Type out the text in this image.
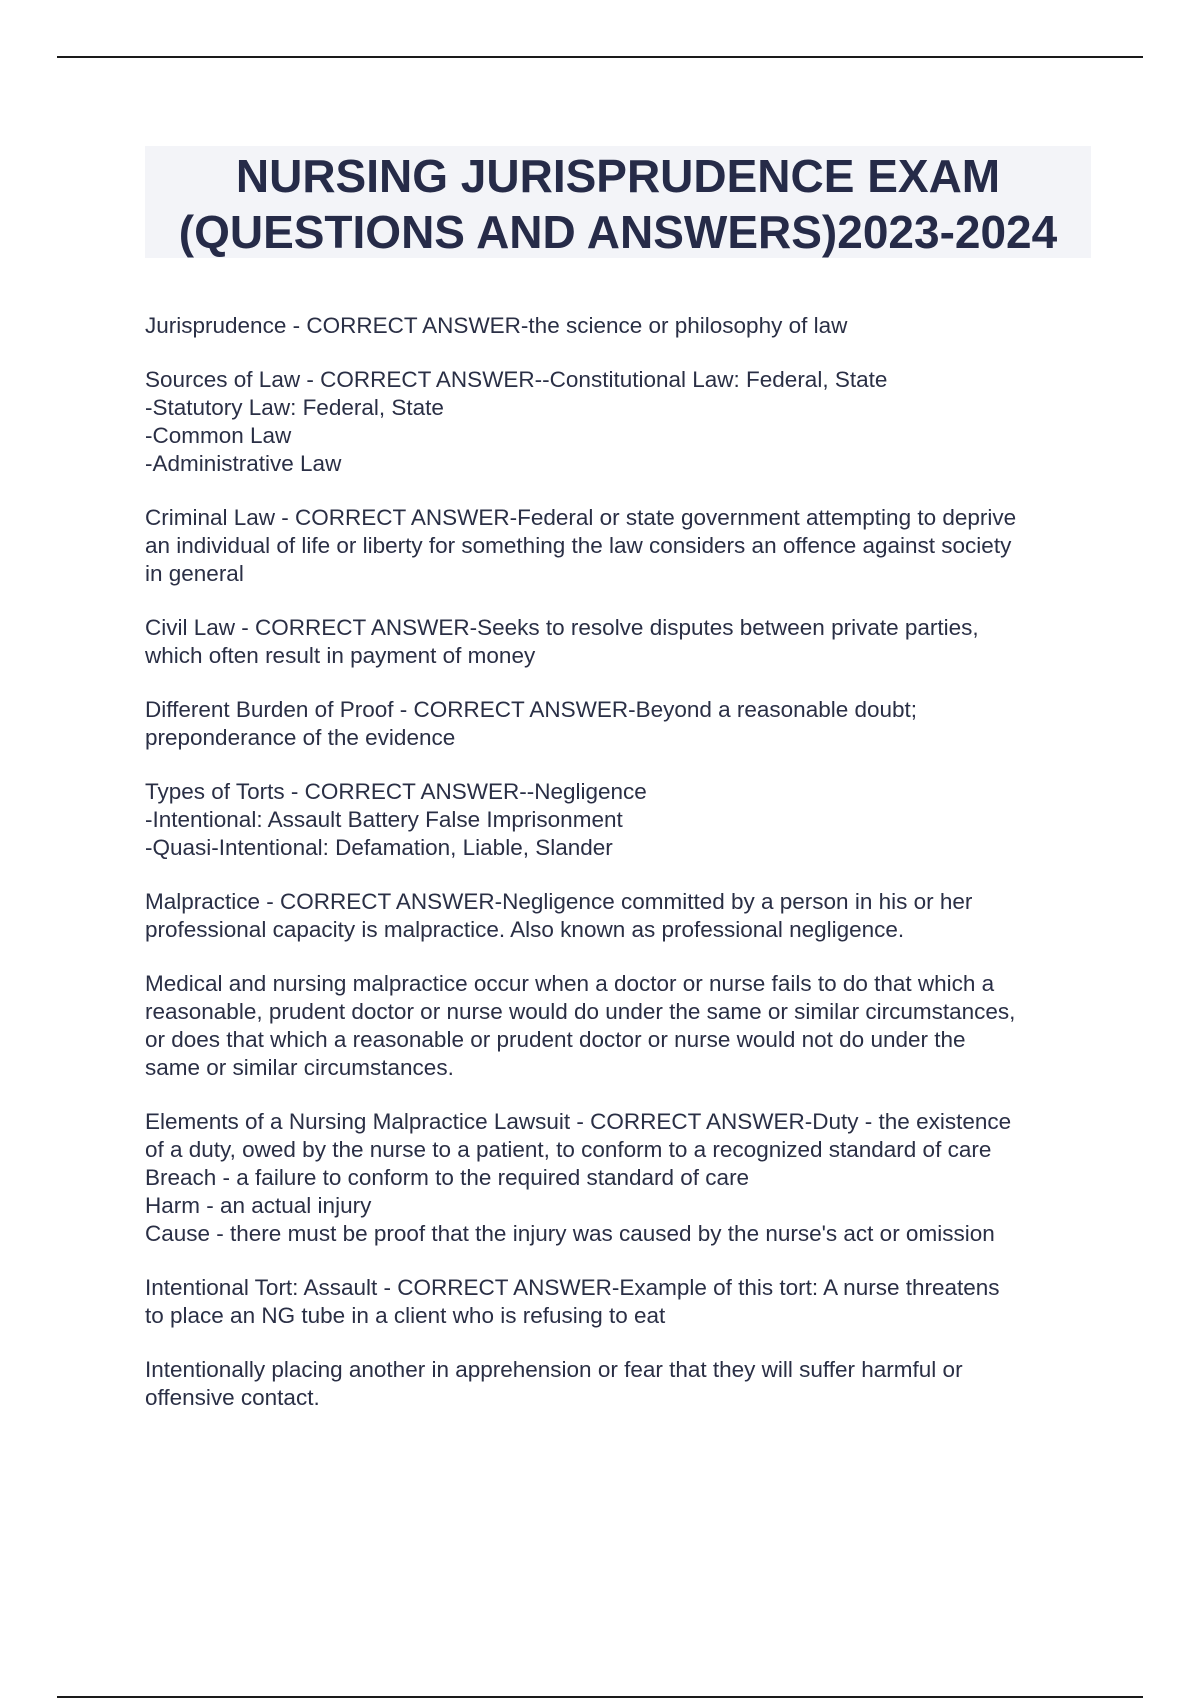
NURSING JURISPRUDENCE EXAM
(QUESTIONS AND ANSWERS)2023-2024
Jurisprudence - CORRECT ANSWER-the science or philosophy of law
Sources of Law - CORRECT ANSWER--Constitutional Law: Federal, State
-Statutory Law: Federal, State
-Common Law
-Administrative Law
Criminal Law - CORRECT ANSWER-Federal or state government attempting to deprive
an individual of life or liberty for something the law considers an offence against society
in general
Civil Law - CORRECT ANSWER-Seeks to resolve disputes between private parties,
which often result in payment of money
Different Burden of Proof - CORRECT ANSWER-Beyond a reasonable doubt;
preponderance of the evidence
Types of Torts - CORRECT ANSWER--Negligence
-Intentional: Assault Battery False Imprisonment
-Quasi-Intentional: Defamation, Liable, Slander
Malpractice - CORRECT ANSWER-Negligence committed by a person in his or her
professional capacity is malpractice. Also known as professional negligence.
Medical and nursing malpractice occur when a doctor or nurse fails to do that which a
reasonable, prudent doctor or nurse would do under the same or similar circumstances,
or does that which a reasonable or prudent doctor or nurse would not do under the
same or similar circumstances.
Elements of a Nursing Malpractice Lawsuit - CORRECT ANSWER-Duty - the existence
of a duty, owed by the nurse to a patient, to conform to a recognized standard of care
Breach - a failure to conform to the required standard of care
Harm - an actual injury
Cause - there must be proof that the injury was caused by the nurse's act or omission
Intentional Tort: Assault - CORRECT ANSWER-Example of this tort: A nurse threatens
to place an NG tube in a client who is refusing to eat
Intentionally placing another in apprehension or fear that they will suffer harmful or
offensive contact.
